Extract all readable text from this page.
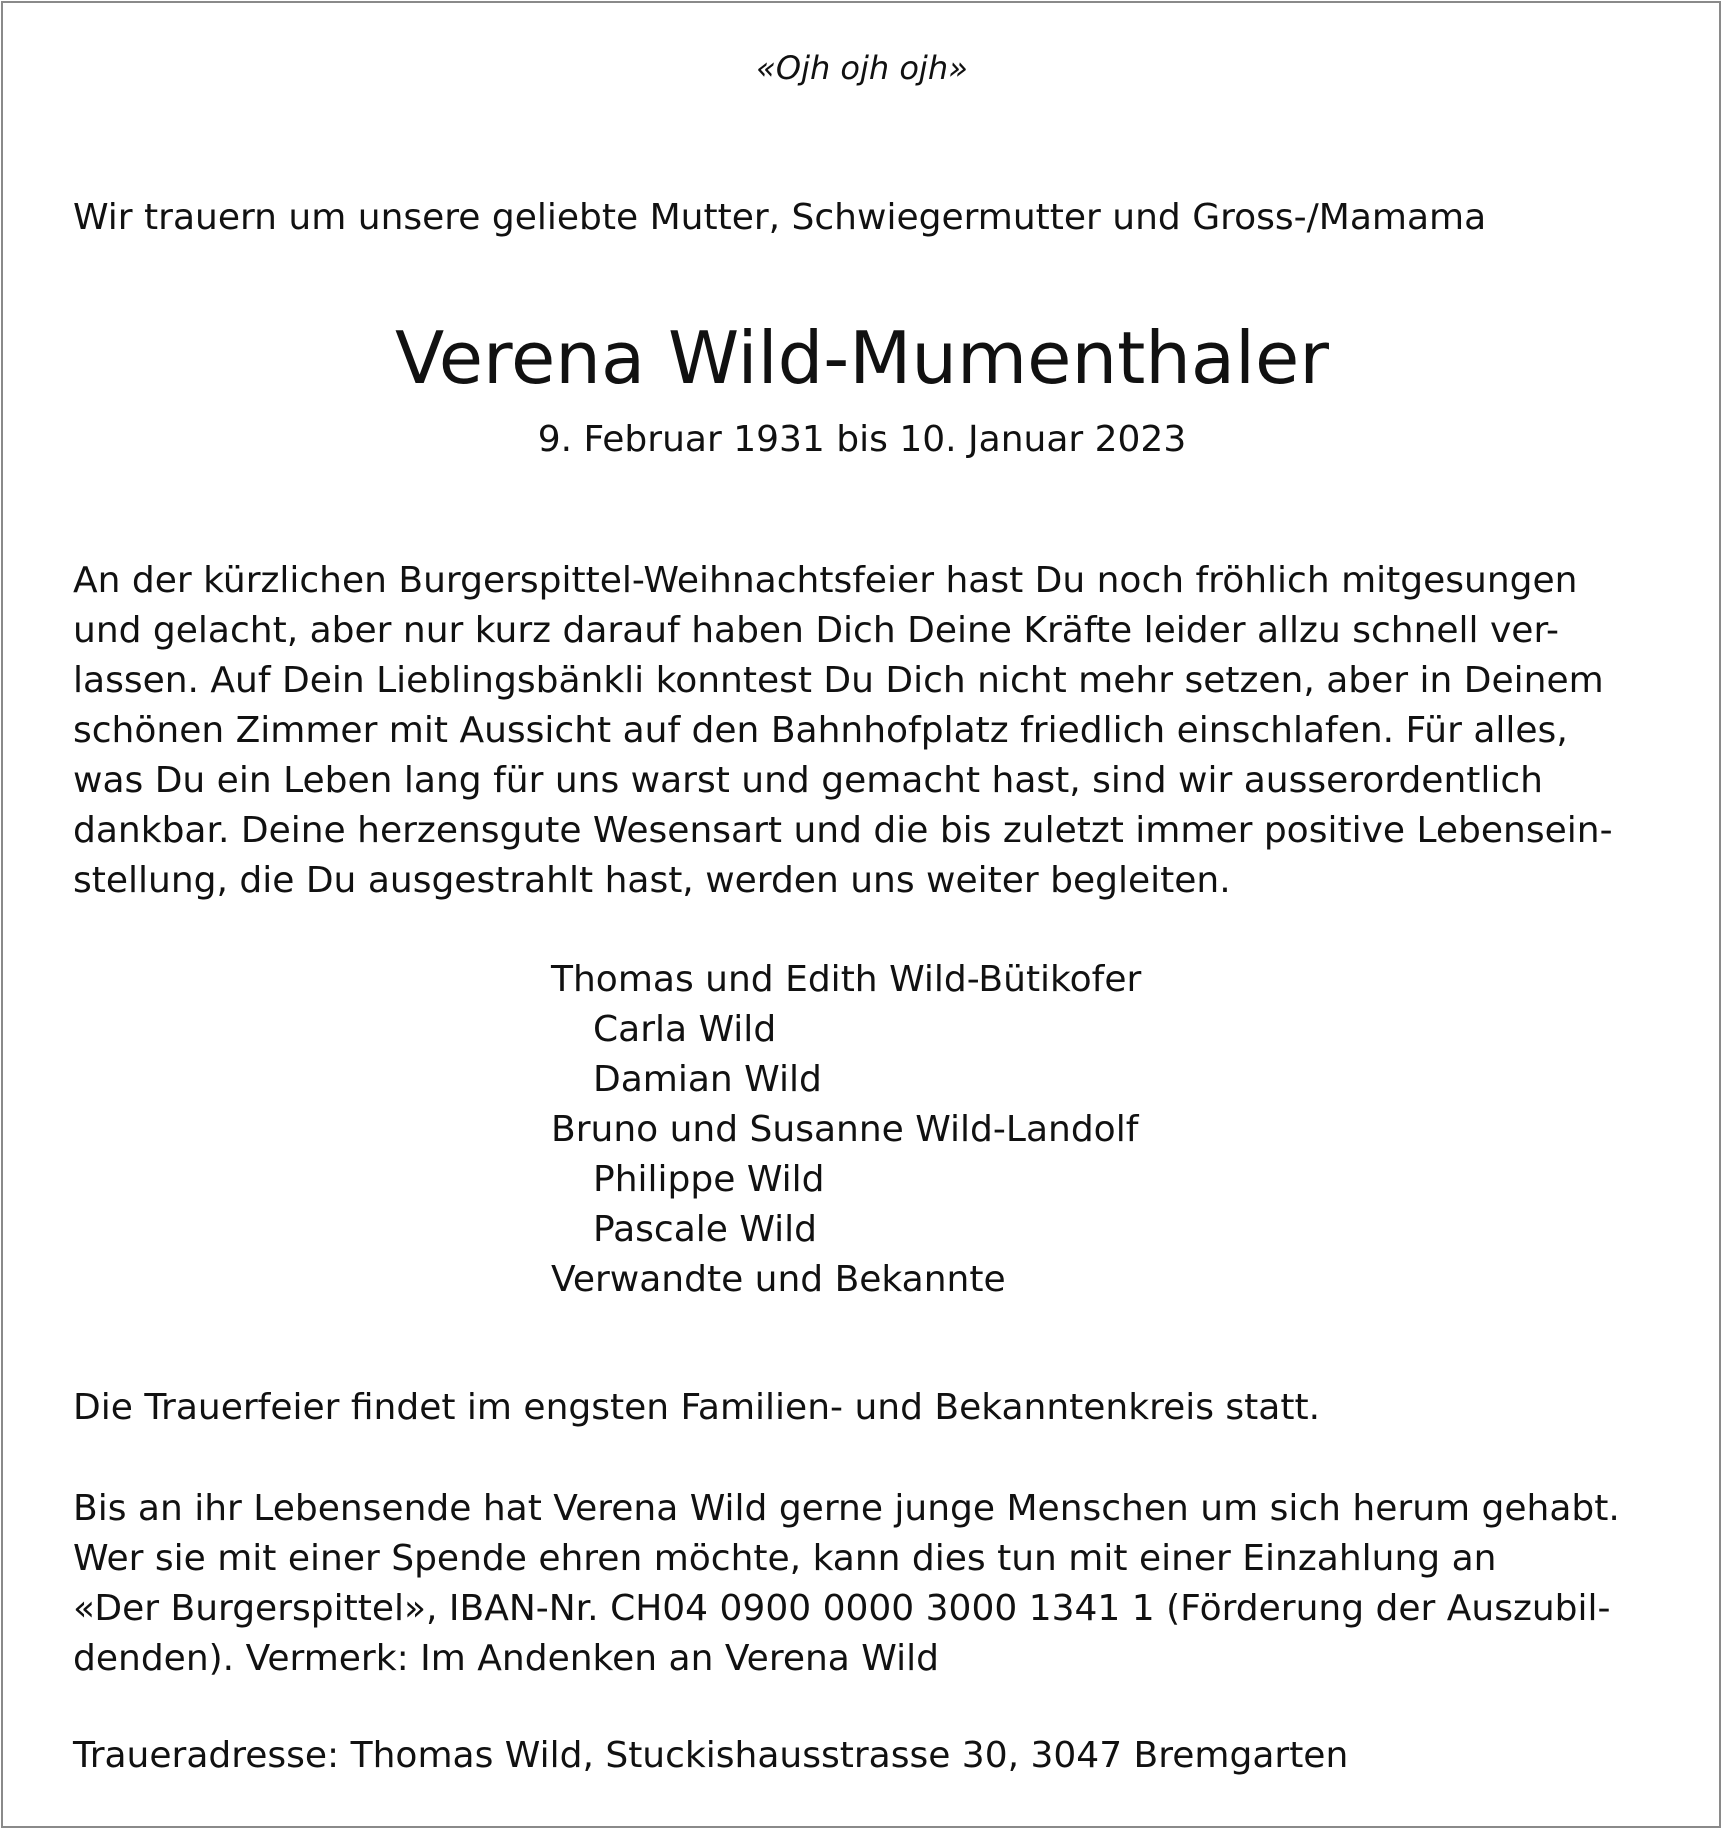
«Ojh ojh ojh»

Wir trauern um unsere geliebte Mutter, Schwiegermutter und Gross-/Mamama

Verena Wild-Mumenthaler

9. Februar 1931 bis 10. Januar 2023

An der kürzlichen Burgerspittel-Weihnachtsfeier hast Du noch fröhlich mitgesungen
und gelacht, aber nur kurz darauf haben Dich Deine Kräfte leider allzu schnell ver-
lassen. Auf Dein Lieblingsbänkli konntest Du Dich nicht mehr setzen, aber in Deinem
schönen Zimmer mit Aussicht auf den Bahnhofplatz friedlich einschlafen. Für alles,
was Du ein Leben lang für uns warst und gemacht hast, sind wir ausserordentlich
dankbar. Deine herzensgute Wesensart und die bis zuletzt immer positive Lebensein-
stellung, die Du ausgestrahlt hast, werden uns weiter begleiten.
Thomas und Edith Wild-Bütikofer
Carla Wild
Damian Wild
Bruno und Susanne Wild-Landolf
Philippe Wild
Pascale Wild
Verwandte und Bekannte

Die Trauerfeier findet im engsten Familien- und Bekanntenkreis statt.

Bis an ihr Lebensende hat Verena Wild gerne junge Menschen um sich herum gehabt.
Wer sie mit einer Spende ehren möchte, kann dies tun mit einer Einzahlung an
«Der Burgerspittel», IBAN-Nr. CH04 0900 0000 3000 1341 1 (Förderung der Auszubil-
denden). Vermerk: Im Andenken an Verena Wild

Traueradresse: Thomas Wild, Stuckishausstrasse 30, 3047 Bremgarten
